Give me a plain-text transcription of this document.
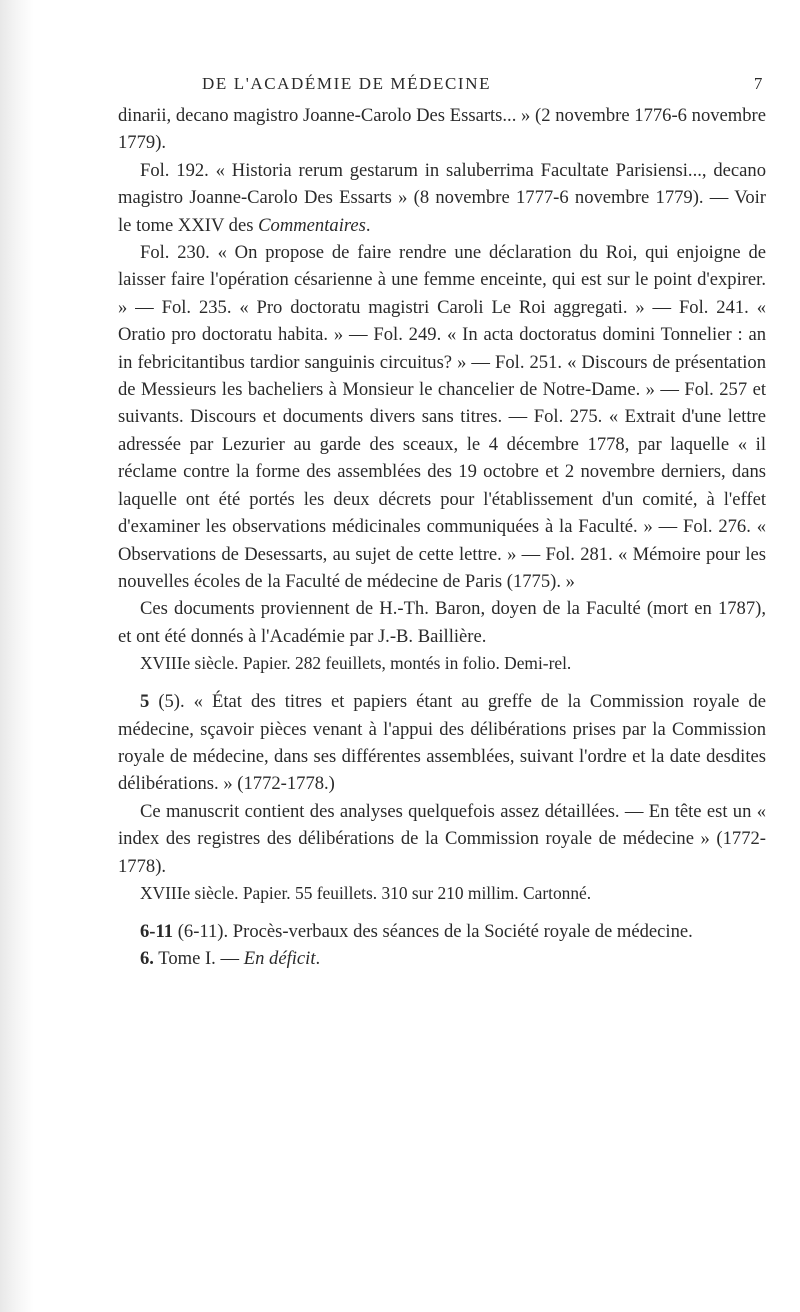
DE L'ACADÉMIE DE MÉDECINE	7

dinarii, decano magistro Joanne-Carolo Des Essarts... » (2 novembre 1776-6 novembre 1779).

Fol. 192. « Historia rerum gestarum in saluberrima Facultate Parisiensi..., decano magistro Joanne-Carolo Des Essarts » (8 novembre 1777-6 novembre 1779). — Voir le tome XXIV des Commentaires.

Fol. 230. « On propose de faire rendre une déclaration du Roi, qui enjoigne de laisser faire l'opération césarienne à une femme enceinte, qui est sur le point d'expirer. » — Fol. 235. « Pro doctoratu magistri Caroli Le Roi aggregati. » — Fol. 241. « Oratio pro doctoratu habita. » — Fol. 249. « In acta doctoratus domini Tonnelier : an in febricitantibus tardior sanguinis circuitus? » — Fol. 251. « Discours de présentation de Messieurs les bacheliers à Monsieur le chancelier de Notre-Dame. » — Fol. 257 et suivants. Discours et documents divers sans titres. — Fol. 275. « Extrait d'une lettre adressée par Lezurier au garde des sceaux, le 4 décembre 1778, par laquelle « il réclame contre la forme des assemblées des 19 octobre et 2 novembre derniers, dans laquelle ont été portés les deux décrets pour l'établissement d'un comité, à l'effet d'examiner les observations médicinales communiquées à la Faculté. » — Fol. 276. « Observations de Desessarts, au sujet de cette lettre. » — Fol. 281. « Mémoire pour les nouvelles écoles de la Faculté de médecine de Paris (1775). »

Ces documents proviennent de H.-Th. Baron, doyen de la Faculté (mort en 1787), et ont été donnés à l'Académie par J.-B. Baillière.

XVIIIe siècle. Papier. 282 feuillets, montés in folio. Demi-rel.

5 (5). « État des titres et papiers étant au greffe de la Commission royale de médecine, sçavoir pièces venant à l'appui des délibérations prises par la Commission royale de médecine, dans ses différentes assemblées, suivant l'ordre et la date desdites délibérations. » (1772-1778.)

Ce manuscrit contient des analyses quelquefois assez détaillées. — En tête est un « index des registres des délibérations de la Commission royale de médecine » (1772-1778).

XVIIIe siècle. Papier. 55 feuillets. 310 sur 210 millim. Cartonné.

6-11 (6-11). Procès-verbaux des séances de la Société royale de médecine.

6. Tome I. — En déficit.
